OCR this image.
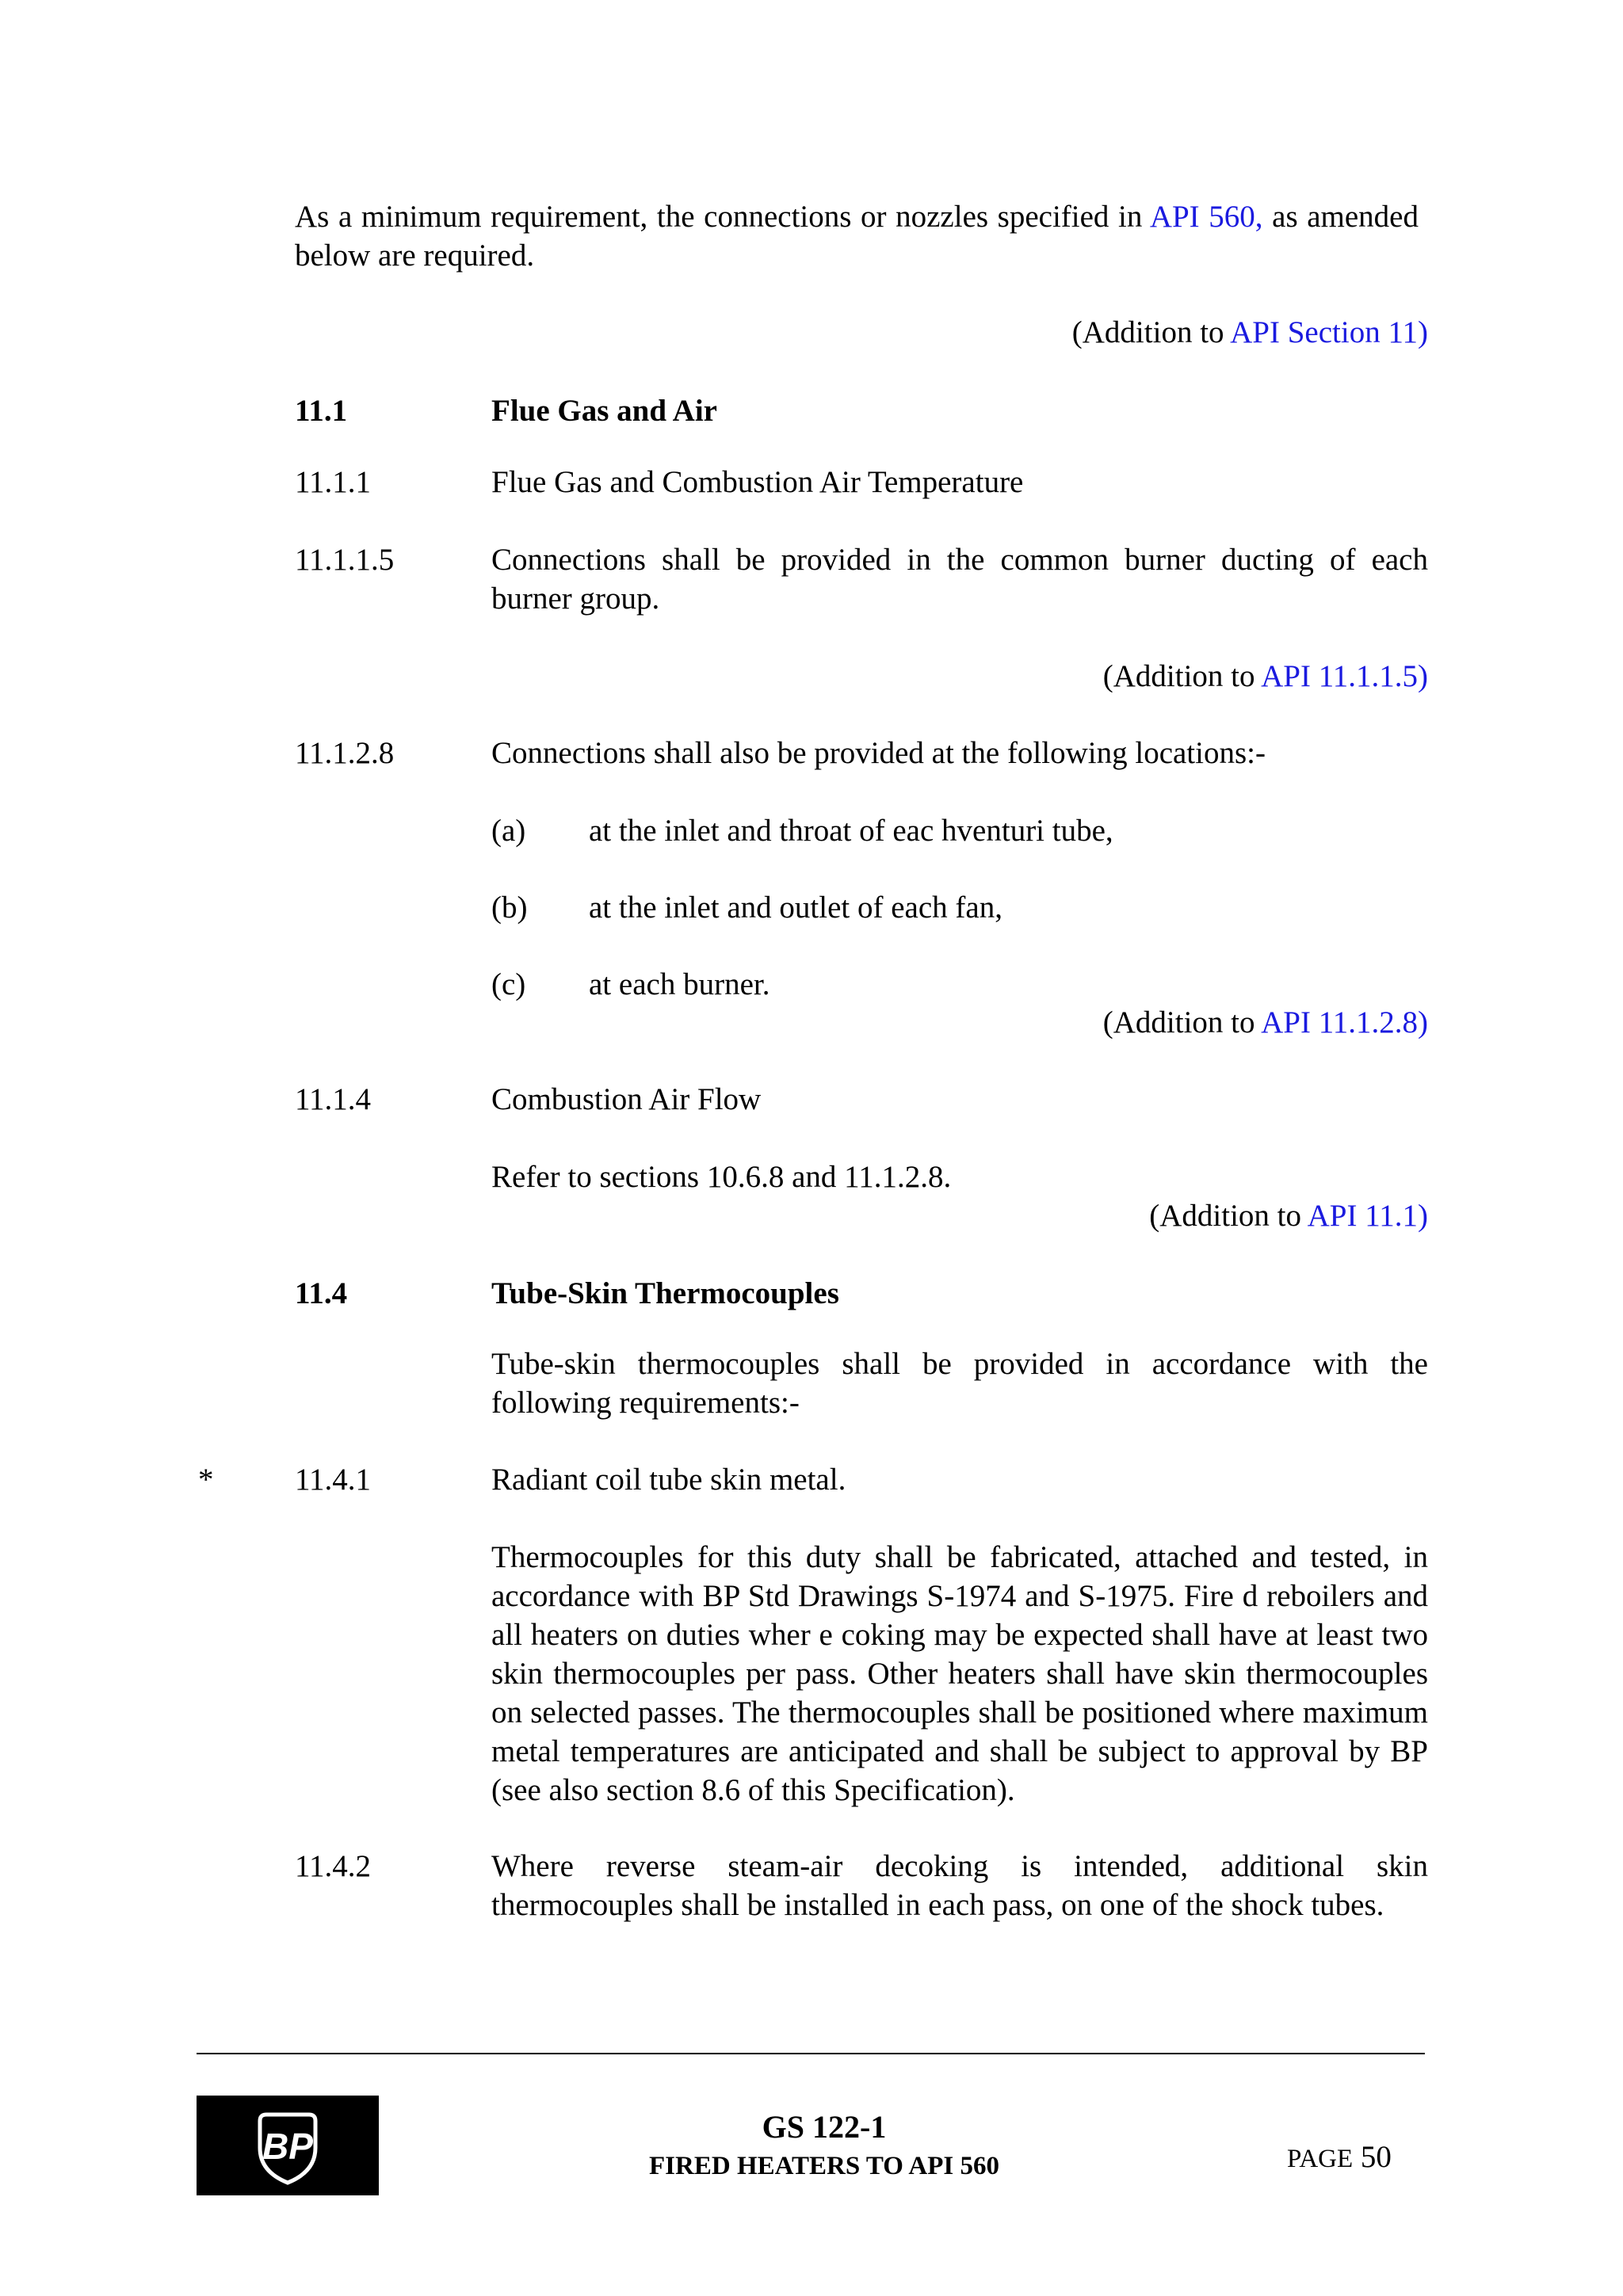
As a minimum requirement, the connections or nozzles specified in API 560, as amended below are required.
(Addition to API Section 11)
11.1	Flue Gas and Air
11.1.1	Flue Gas and Combustion Air Temperature
11.1.1.5	Connections shall be provided in the common burner ducting of each burner group.
(Addition to API 11.1.1.5)
11.1.2.8	Connections shall also be provided at the following locations:-
(a) at the inlet and throat of eac hventuri tube,
(b) at the inlet and outlet of each fan,
(c) at each burner.
(Addition to API 11.1.2.8)
11.1.4	Combustion Air Flow
Refer to sections 10.6.8 and 11.1.2.8.
(Addition to API 11.1)
11.4	Tube-Skin Thermocouples
Tube-skin thermocouples shall be provided in accordance with the following requirements:-
*	11.4.1	Radiant coil tube skin metal.
Thermocouples for this duty shall be fabricated, attached and tested, in accordance with BP Std Drawings S-1974 and S-1975. Fire d reboilers and all heaters on duties wher e coking may be expected shall have at least two skin thermocouples per pass. Other heaters shall have skin thermocouples on selected passes. The thermocouples shall be positioned where maximum metal temperatures are anticipated and shall be subject to approval by BP (see also section 8.6 of this Specification).
11.4.2	Where reverse steam-air decoking is intended, additional skin thermocouples shall be installed in each pass, on one of the shock tubes.
BP	GS 122-1
FIRED HEATERS TO API 560	PAGE 50
